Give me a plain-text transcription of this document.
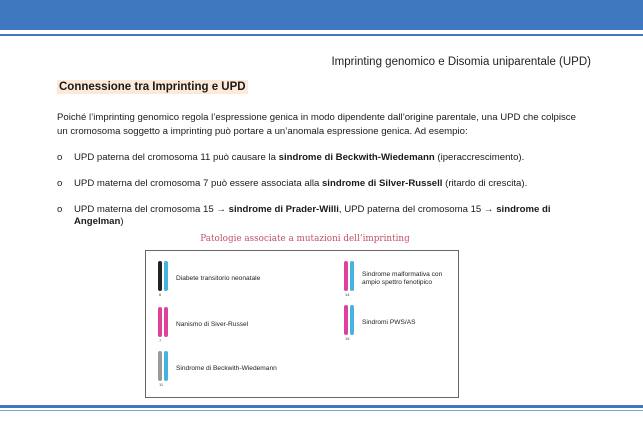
Imprinting genomico e Disomia uniparentale (UPD)
Connessione tra Imprinting e UPD
Poiché l’imprinting genomico regola l’espressione genica in modo dipendente dall’origine parentale, una UPD che colpisce un cromosoma soggetto a imprinting può portare a un’anomala espressione genica. Ad esempio:
o UPD paterna del cromosoma 11 può causare la sindrome di Beckwith-Wiedemann (iperaccrescimento).
o UPD materna del cromosoma 7 può essere associata alla sindrome di Silver-Russell (ritardo di crescita).
o UPD materna del cromosoma 15 → sindrome di Prader-Willi, UPD paterna del cromosoma 15 → sindrome di Angelman)
Patologie associate a mutazioni dell’imprinting
6
Diabete transitorio neonatale
7
Nanismo di Siver-Russel
11
Sindrome di Beckwith-Wiedemann
14
Sindrome malformativa con
ampio spettro fenotipico
15
Sindromi PWS/AS
